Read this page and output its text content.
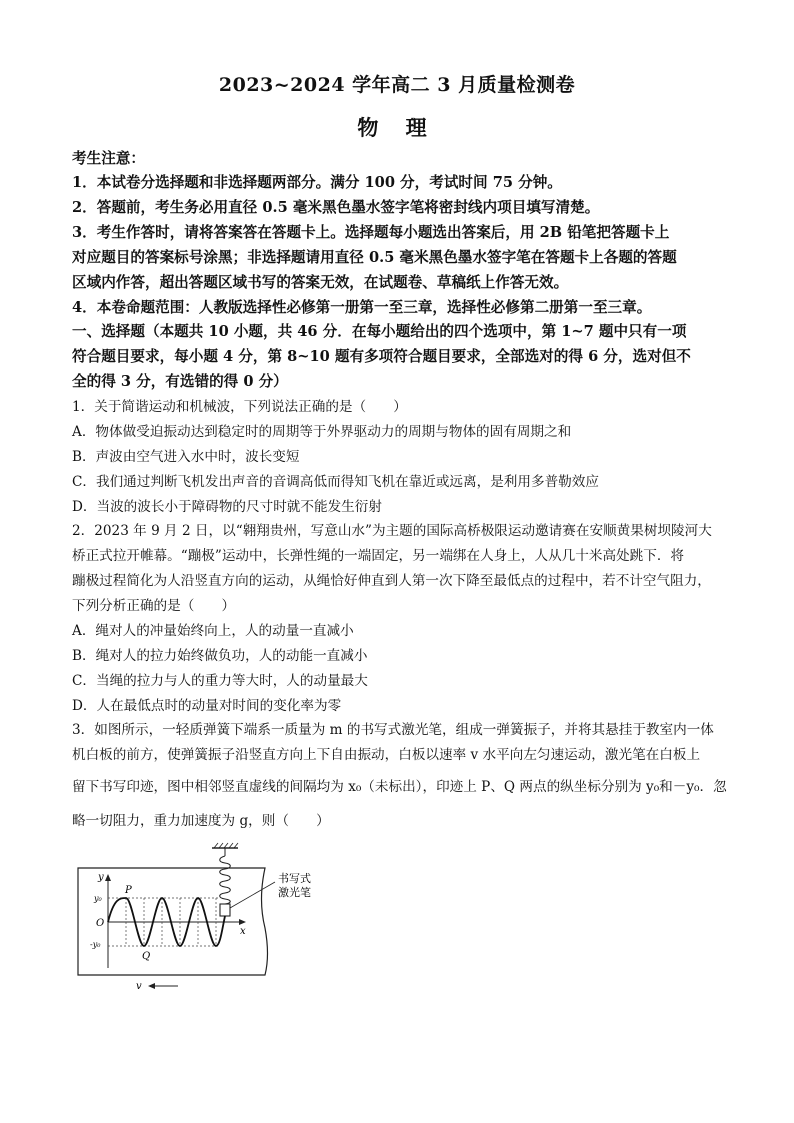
2023~2024 学年高二 3 月质量检测卷
物 理
考生注意：
1．本试卷分选择题和非选择题两部分。满分 100 分，考试时间 75 分钟。
2．答题前，考生务必用直径 0.5 毫米黑色墨水签字笔将密封线内项目填写清楚。
3．考生作答时，请将答案答在答题卡上。选择题每小题选出答案后，用 2B 铅笔把答题卡上
对应题目的答案标号涂黑；非选择题请用直径 0.5 毫米黑色墨水签字笔在答题卡上各题的答题
区域内作答，超出答题区域书写的答案无效，在试题卷、草稿纸上作答无效。
4．本卷命题范围：人教版选择性必修第一册第一至三章，选择性必修第二册第一至三章。
一、选择题（本题共 10 小题，共 46 分．在每小题给出的四个选项中，第 1~7 题中只有一项
符合题目要求，每小题 4 分，第 8~10 题有多项符合题目要求，全部选对的得 6 分，选对但不
全的得 3 分，有选错的得 0 分）
1．关于简谐运动和机械波，下列说法正确的是（　　）
A．物体做受迫振动达到稳定时的周期等于外界驱动力的周期与物体的固有周期之和
B．声波由空气进入水中时，波长变短
C．我们通过判断飞机发出声音的音调高低而得知飞机在靠近或远离，是利用多普勒效应
D．当波的波长小于障碍物的尺寸时就不能发生衍射
2．2023 年 9 月 2 日，以“翱翔贵州，写意山水”为主题的国际高桥极限运动邀请赛在安顺黄果树坝陵河大
桥正式拉开帷幕。“蹦极”运动中，长弹性绳的一端固定，另一端绑在人身上，人从几十米高处跳下．将
蹦极过程简化为人沿竖直方向的运动，从绳恰好伸直到人第一次下降至最低点的过程中，若不计空气阻力，
下列分析正确的是（　　）
A．绳对人的冲量始终向上，人的动量一直减小
B．绳对人的拉力始终做负功，人的动能一直减小
C．当绳的拉力与人的重力等大时，人的动量最大
D．人在最低点时的动量对时间的变化率为零
3．如图所示，一轻质弹簧下端系一质量为 m 的书写式激光笔，组成一弹簧振子，并将其悬挂于教室内一体
机白板的前方，使弹簧振子沿竖直方向上下自由振动，白板以速率 v 水平向左匀速运动，激光笔在白板上
留下书写印迹，图中相邻竖直虚线的间隔均为 x₀（未标出），印迹上 P、Q 两点的纵坐标分别为 y₀和－y₀．忽
略一切阻力，重力加速度为 g，则（　　）
书写式
激光笔
y
x
O
y₀
-y₀
P
Q
v
